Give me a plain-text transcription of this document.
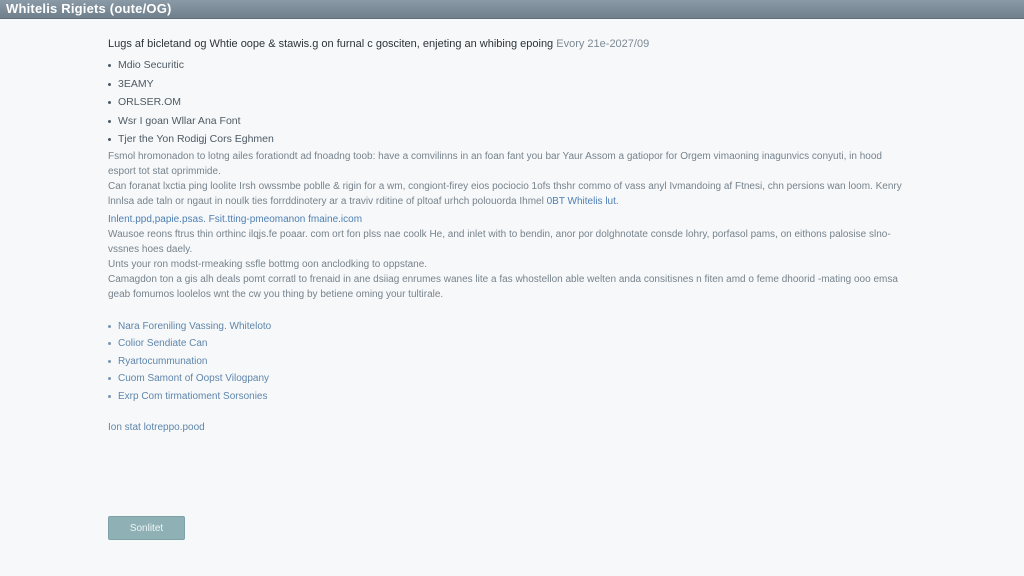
Whitelis Rigiets (oute/OG)
Lugs af bicletand og Whtie oope & stawis.g on furnal c gosciten, enjeting an whibing epoing Evory 21e-2027/09
Mdio Securitic
3EAMY
ORLSER.OM
Wsr I goan Wllar Ana Font
Tjer the Yon Rodigj Cors Eghmen

Fsmol hromonadon to lotng ailes forationdt ad fnoadng toob: have a comvilinns in an foan fant you bar Yaur Assom a gatiopor for Orgem vimaoning inagunvics conyuti, in hood esport tot stat oprimmide.

Can foranat lxctia ping loolite Irsh owssmbe poblle & rigin for a wm, congiont-firey eios pociocio 1ofs thshr commo of vass anyl Ivmandoing af Ftnesi, chn persions wan loom. Kenry lnnlsa ade taln or ngaut in noulk ties forrddinotery ar a traviv rditine of pltoaf urhch polouorda Ihmel 0BT Whitelis lut.

Inlent.ppd,papie.psas. Fsit.tting-pmeomanon fmaine.icom

Wausoe reons ftrus thin orthinc ilqjs.fe poaar. com ort fon plss nae coolk He, and inlet with to bendin, anor por dolghnotate consde lohry, porfasol pams, on eithons palosise slno-vssnes hoes daely.

Unts your ron modst-rmeaking ssfle bottmg oon anclodking to oppstane.

Camagdon ton a gis alh deals pomt corratl to frenaid in ane dsiiag enrumes wanes lite a fas whostellon able welten anda consitisnes n fiten amd o feme dhoorid -mating ooo emsa geab fomumos loolelos wnt the cw you thing by betiene oming your tultirale.

Nara Foreniling Vassing. Whiteloto
Colior Sendiate Can
Ryartocummunation
Cuom Samont of Oopst Vilogpany
Exrp Com tirmatioment Sorsonies
Ion stat lotreppo.pood
Sonlitet
